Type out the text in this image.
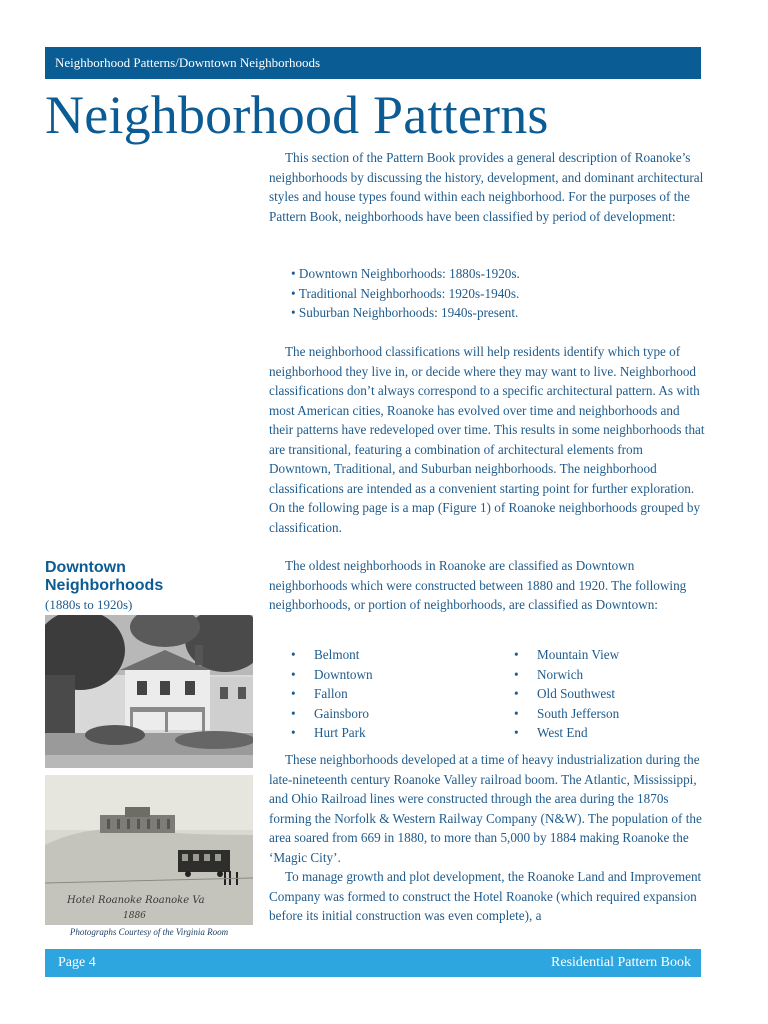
Neighborhood Patterns/Downtown Neighborhoods
Neighborhood Patterns

This section of the Pattern Book provides a general description of Roanoke’s neighborhoods by discussing the history, development, and dominant architectural styles and house types found within each neighborhood. For the purposes of the Pattern Book, neighborhoods have been classified by period of development:

• Downtown Neighborhoods: 1880s-1920s.
• Traditional Neighborhoods: 1920s-1940s.
• Suburban Neighborhoods: 1940s-present.

The neighborhood classifications will help residents identify which type of neighborhood they live in, or decide where they may want to live. Neighborhood classifications don’t always correspond to a specific architectural pattern. As with most American cities, Roanoke has evolved over time and neighborhoods and their patterns have redeveloped over time. This results in some neighborhoods that are transitional, featuring a combination of architectural elements from Downtown, Traditional, and Suburban neighborhoods. The neighborhood classifications are intended as a convenient starting point for further exploration. On the following page is a map (Figure 1) of Roanoke neighborhoods grouped by classification.

The oldest neighborhoods in Roanoke are classified as Downtown neighborhoods which were constructed between 1880 and 1920. The following neighborhoods, or portion of neighborhoods, are classified as Downtown:

• Belmont
• Downtown
• Fallon
• Gainsboro
• Hurt Park
• Mountain View
• Norwich
• Old Southwest
• South Jefferson
• West End

These neighborhoods developed at a time of heavy industrialization during the late-nineteenth century Roanoke Valley railroad boom. The Atlantic, Mississippi, and Ohio Railroad lines were constructed through the area during the 1870s forming the Norfolk & Western Railway Company (N&W). The population of the area soared from 669 in 1880, to more than 5,000 by 1884 making Roanoke the ‘Magic City’.

To manage growth and plot development, the Roanoke Land and Improvement Company was formed to construct the Hotel Roanoke (which required expansion before its initial construction was even complete), a

Downtown Neighborhoods
(1880s to 1920s)
Hotel Roanoke Roanoke Va
1886
Photographs Courtesy of the Virginia Room
Page 4	Residential Pattern Book
